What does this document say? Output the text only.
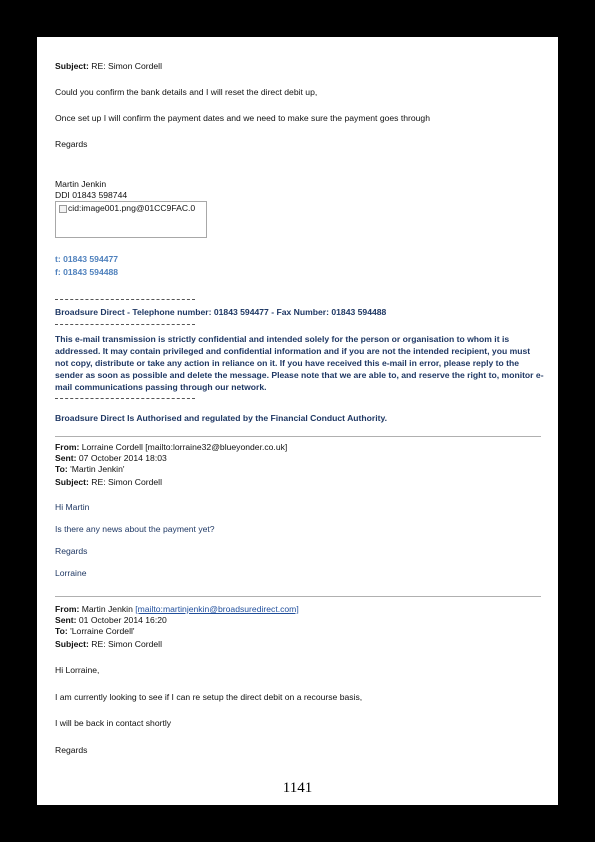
Subject: RE: Simon Cordell
Could you confirm the bank details and I will reset the direct debit up,
Once set up I will confirm the payment dates and we need to make sure the payment goes through
Regards
Martin Jenkin
DDI 01843 598744
cid:image001.png@01CC9FAC.0
t: 01843 594477
f: 01843 594488
Broadsure Direct - Telephone number: 01843 594477 - Fax Number: 01843 594488
This e-mail transmission is strictly confidential and intended solely for the person or organisation to whom it is addressed. It may contain privileged and confidential information and if you are not the intended recipient, you must not copy, distribute or take any action in reliance on it. If you have received this e-mail in error, please reply to the sender as soon as possible and delete the message. Please note that we are able to, and reserve the right to, monitor e-mail communications passing through our network.
Broadsure Direct Is Authorised and regulated by the Financial Conduct Authority.
From: Lorraine Cordell [mailto:lorraine32@blueyonder.co.uk]
Sent: 07 October 2014 18:03
To: 'Martin Jenkin'
Subject: RE: Simon Cordell
Hi Martin
Is there any news about the payment yet?
Regards
Lorraine
From: Martin Jenkin [mailto:martinjenkin@broadsuredirect.com]
Sent: 01 October 2014 16:20
To: 'Lorraine Cordell'
Subject: RE: Simon Cordell
Hi Lorraine,
I am currently looking to see if I can re setup the direct debit on a recourse basis,
I will be back in contact shortly
Regards
1141
